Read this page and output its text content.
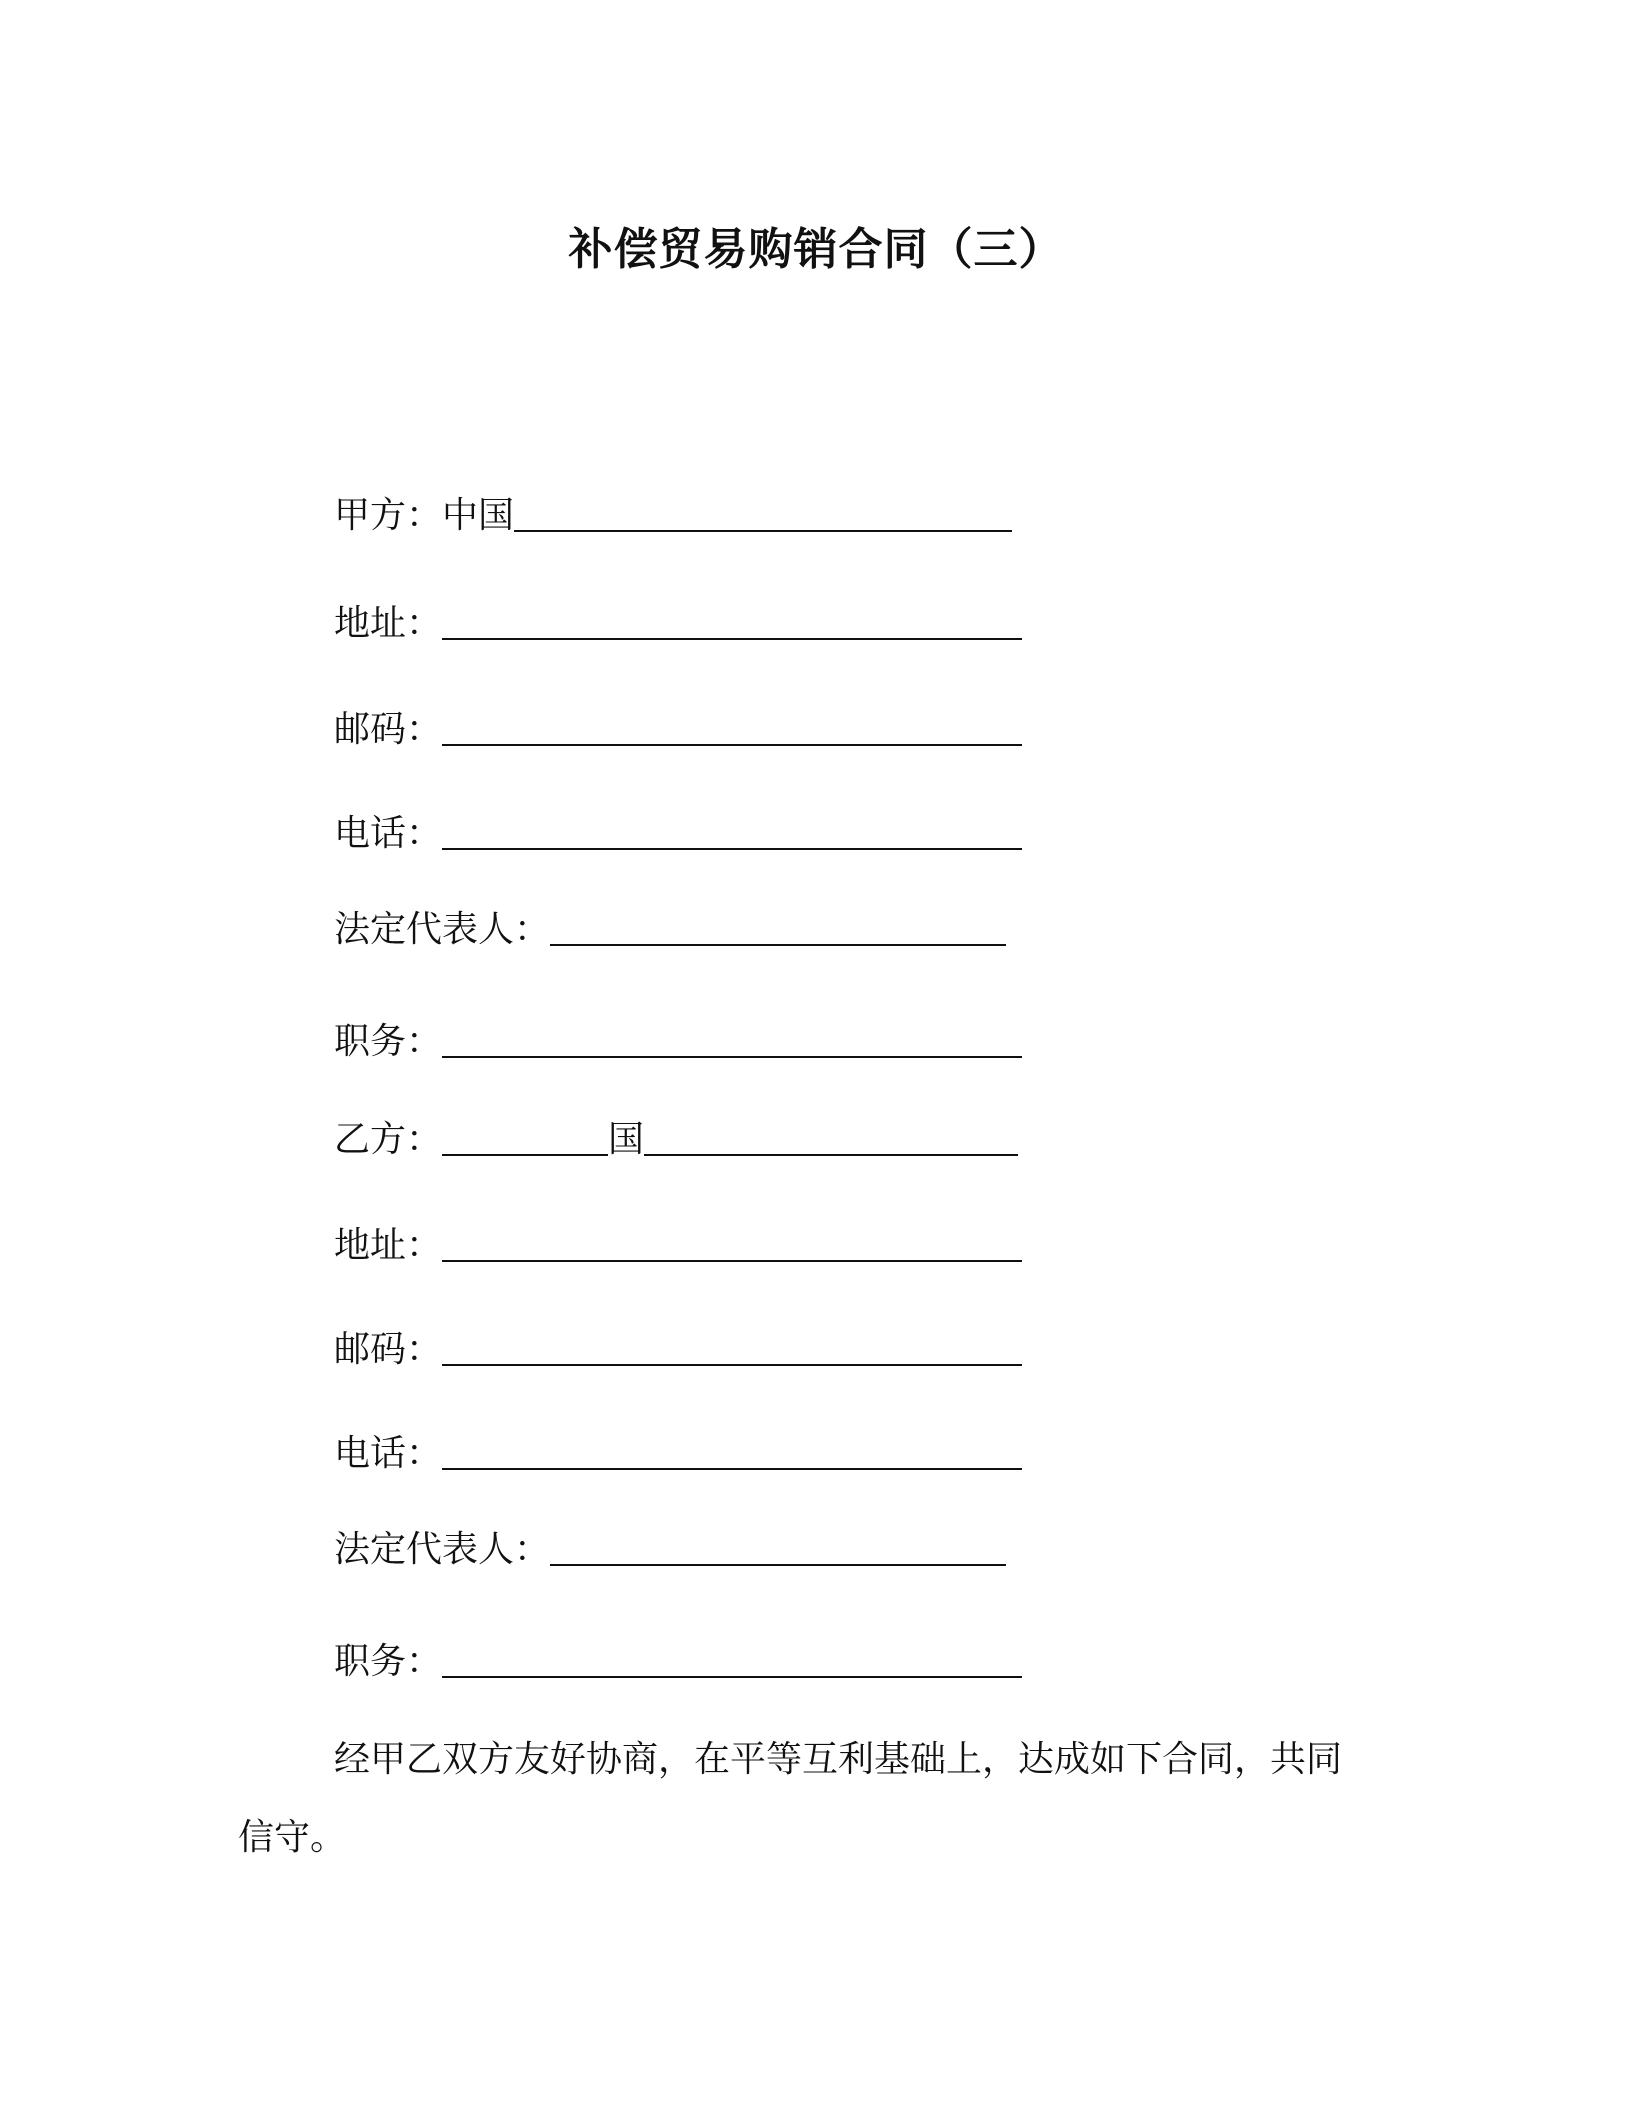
补偿贸易购销合同（三）
甲方：中国
地址：
邮码：
电话：
法定代表人：
职务：
乙方：	国
地址：
邮码：
电话：
法定代表人：
职务：
经甲乙双方友好协商，在平等互利基础上，达成如下合同，共同
信守。
